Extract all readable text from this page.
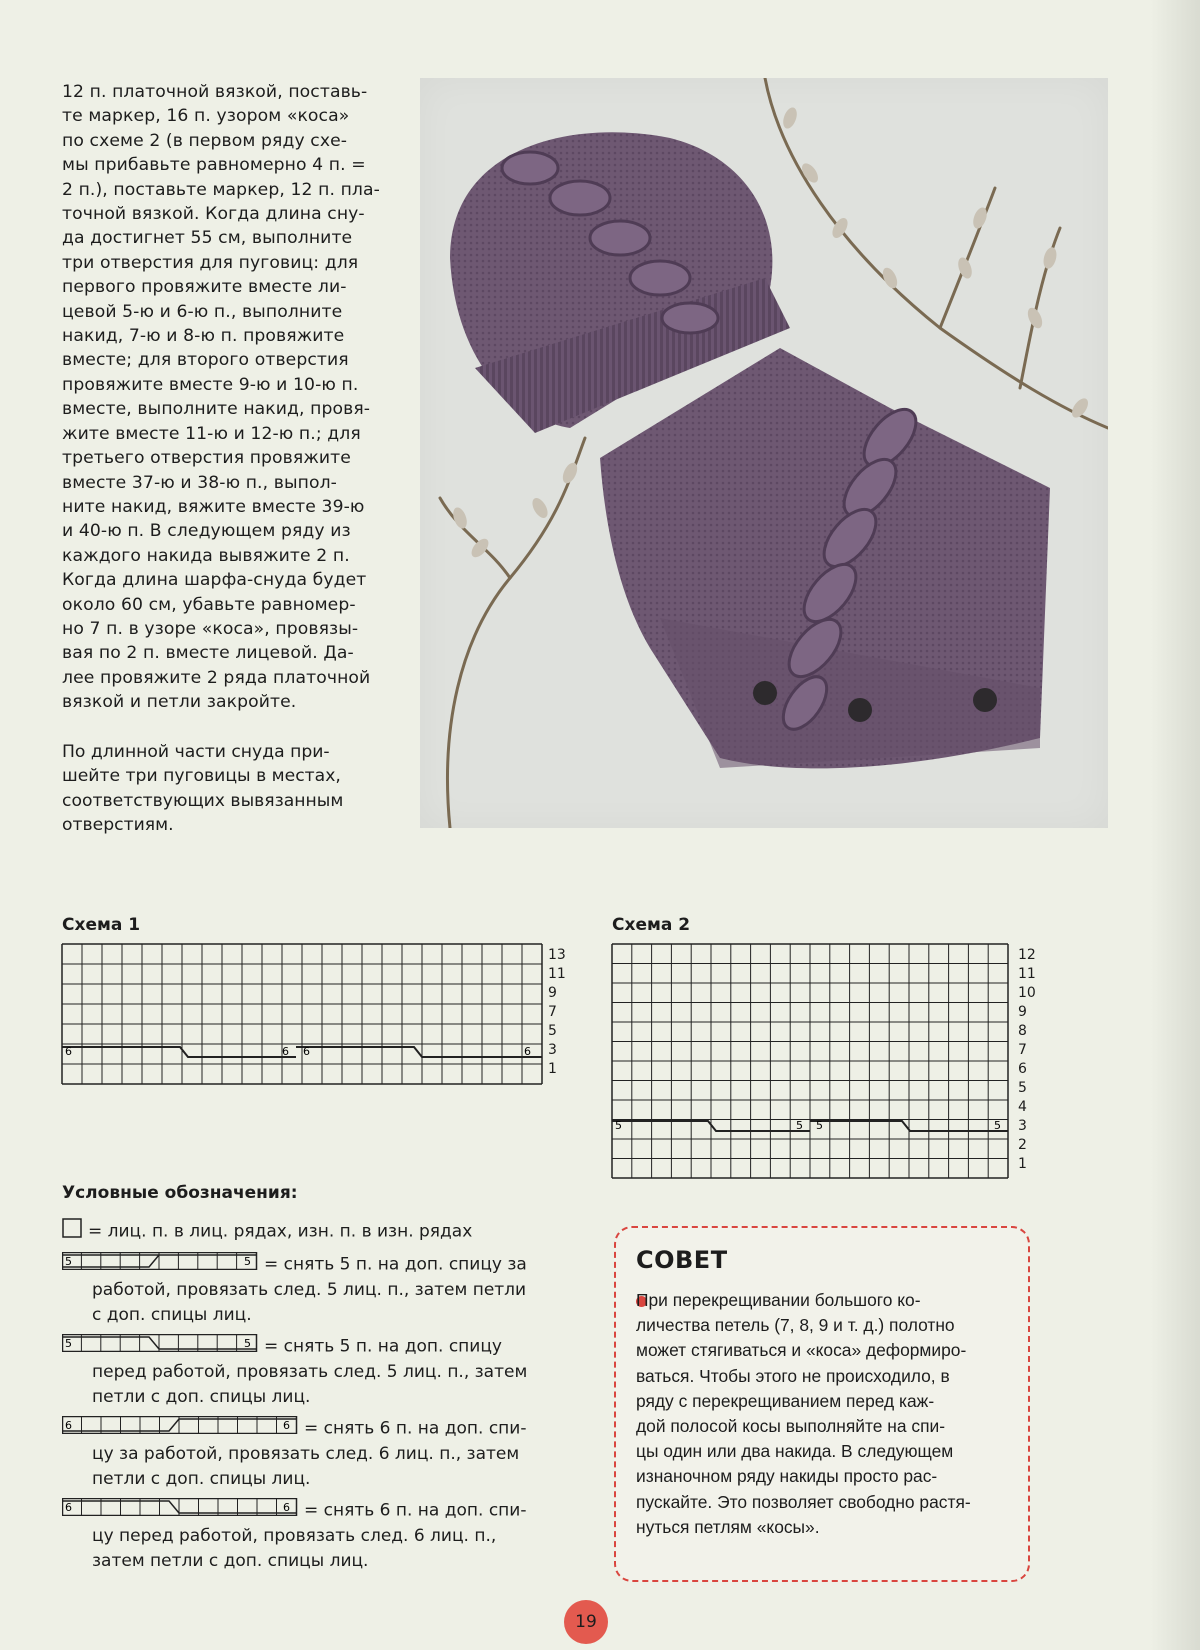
12 п. платочной вязкой, поставь-
те маркер, 16 п. узором «коса»
по схеме 2 (в первом ряду схе-
мы прибавьте равномерно 4 п. =
2 п.), поставьте маркер, 12 п. пла-
точной вязкой. Когда длина сну-
да достигнет 55 см, выполните
три отверстия для пуговиц: для
первого провяжите вместе ли-
цевой 5-ю и 6-ю п., выполните
накид, 7-ю и 8-ю п. провяжите
вместе; для второго отверстия
провяжите вместе 9-ю и 10-ю п.
вместе, выполните накид, провя-
жите вместе 11-ю и 12-ю п.; для
третьего отверстия провяжите
вместе 37-ю и 38-ю п., выпол-
ните накид, вяжите вместе 39-ю
и 40-ю п. В следующем ряду из
каждого накида вывяжите 2 п.
Когда длина шарфа-снуда будет
около 60 см, убавьте равномер-
но 7 п. в узоре «коса», провязы-
вая по 2 п. вместе лицевой. Да-
лее провяжите 2 ряда платочной
вязкой и петли закройте.
По длинной части снуда при-
шейте три пуговицы в местах,
соответствующих вывязанным
отверстиям.
Схема 1
6	6 6	6
13
11
9
7
5
3
1
Схема 2
5	5 5	5
12
11
10
9
8
7
6
5
4
3
2
1
Условные обозначения:
= лиц. п. в лиц. рядах, изн. п. в изн. рядах
5	5 = снять 5 п. на доп. спицу за
работой, провязать след. 5 лиц. п., затем петли
с доп. спицы лиц.
5	5 = снять 5 п. на доп. спицу
перед работой, провязать след. 5 лиц. п., затем
петли с доп. спицы лиц.
6	6 = снять 6 п. на доп. спи-
цу за работой, провязать след. 6 лиц. п., затем
петли с доп. спицы лиц.
6	6 = снять 6 п. на доп. спи-
цу перед работой, провязать след. 6 лиц. п.,
затем петли с доп. спицы лиц.
СОВЕТ
При перекрещивании большого ко-
личества петель (7, 8, 9 и т. д.) полотно
может стягиваться и «коса» деформиро-
ваться. Чтобы этого не происходило, в
ряду с перекрещиванием перед каж-
дой полосой косы выполняйте на спи-
цы один или два накида. В следующем
изнаночном ряду накиды просто рас-
пускайте. Это позволяет свободно растя-
нуться петлям «косы».
19
